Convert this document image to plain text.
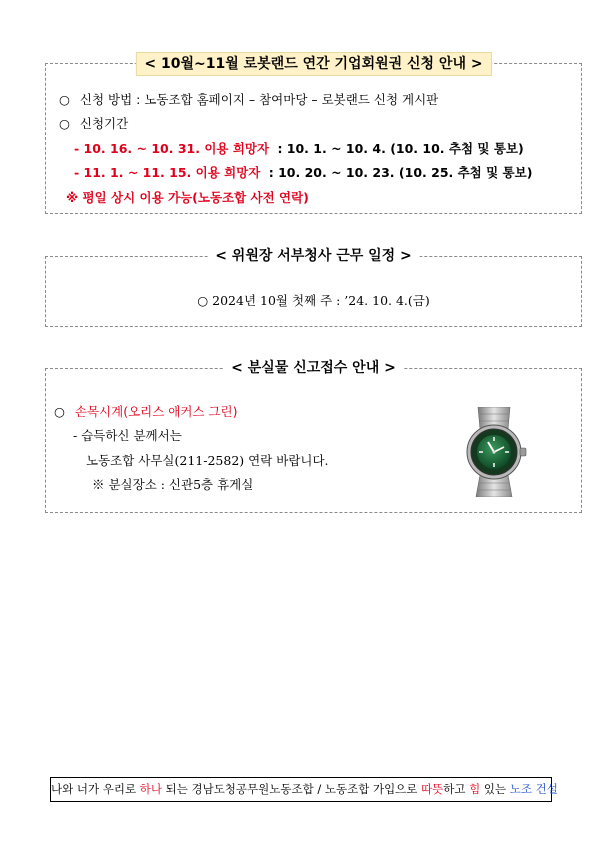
< 10월~11월 로봇랜드 연간 기업회원권 신청 안내 >
○ 신청 방법 : 노동조합 홈페이지 – 참여마당 – 로봇랜드 신청 게시판
○ 신청기간
- 10. 16. ~ 10. 31. 이용 희망자 : 10. 1. ~ 10. 4. (10. 10. 추첨 및 통보)
- 11. 1. ~ 11. 15. 이용 희망자 : 10. 20. ~ 10. 23. (10. 25. 추첨 및 통보)
※ 평일 상시 이용 가능(노동조합 사전 연락)
< 위원장 서부청사 근무 일정 >
○ 2024년 10월 첫째 주 : ’24. 10. 4.(금)
< 분실물 신고접수 안내 >
○ 손목시계(오리스 애커스 그린)
- 습득하신 분께서는
노동조합 사무실(211-2582) 연락 바랍니다.
※ 분실장소 : 신관5층 휴게실
나와 너가 우리로 하나 되는 경남도청공무원노동조합 / 노동조합 가입으로 따뜻하고 힘 있는 노조 건설
